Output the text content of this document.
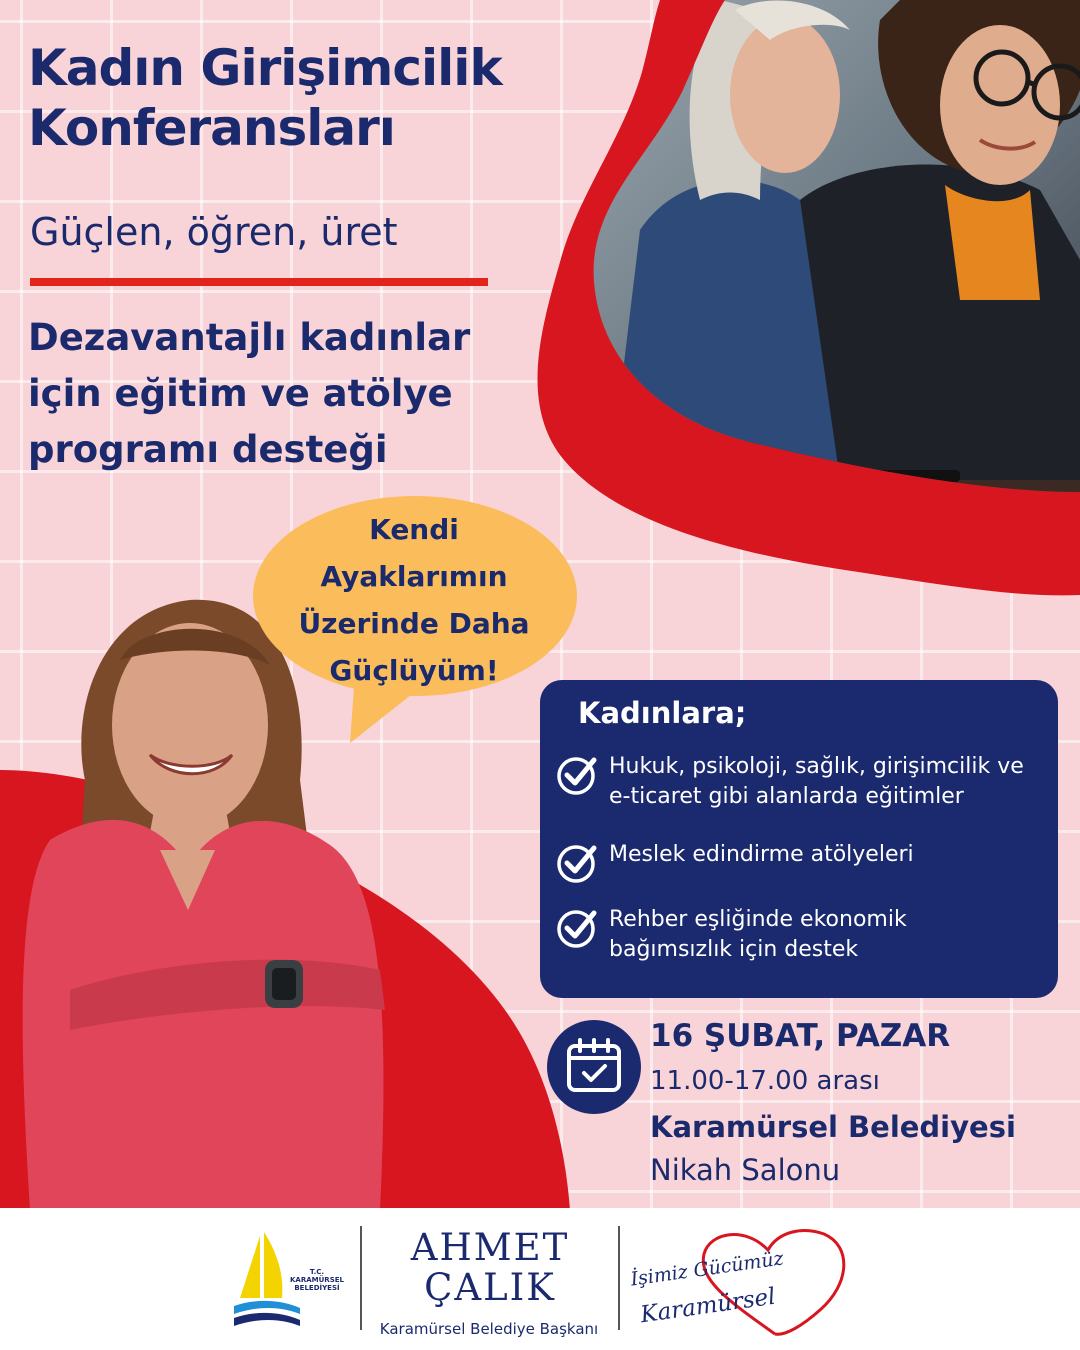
Kendi
Ayaklarımın
Üzerinde Daha
Güçlüyüm!
Kadın Girişimcilik
Konferansları
Güçlen, öğren, üret
Dezavantajlı kadınlar
için eğitim ve atölye
programı desteği
Kadınlara;
Hukuk, psikoloji, sağlık, girişimcilik ve
e-ticaret gibi alanlarda eğitimler
Meslek edindirme atölyeleri
Rehber eşliğinde ekonomik
bağımsızlık için destek
16 ŞUBAT, PAZAR
11.00-17.00 arası
Karamürsel Belediyesi
Nikah Salonu
T.C.
KARAMÜRSEL
BELEDİYESİ
AHMET
ÇALIK
Karamürsel Belediye Başkanı
İşimiz Gücümüz
Karamürsel
